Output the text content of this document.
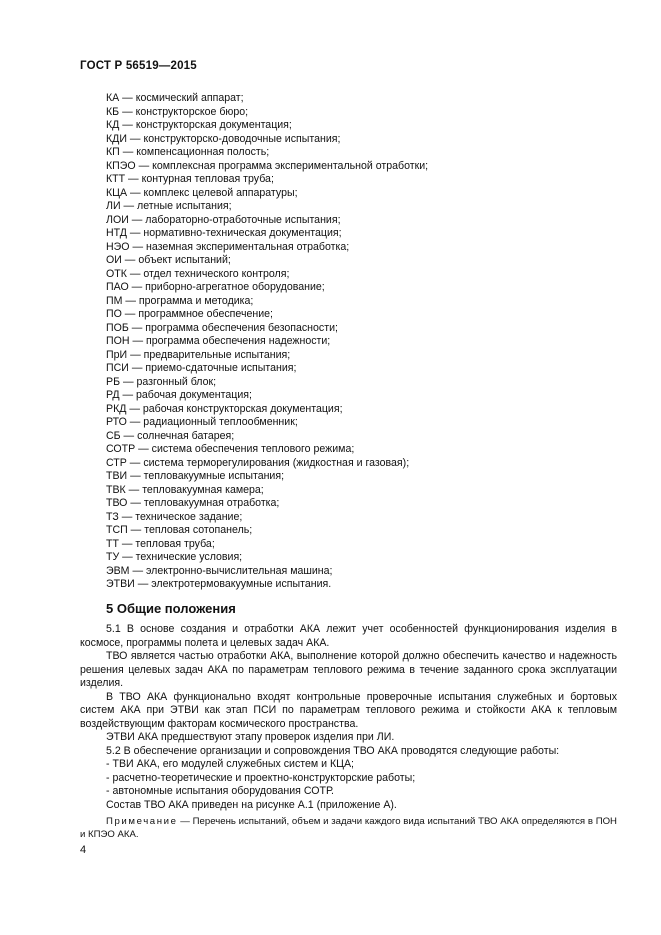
ГОСТ Р 56519—2015
КА — космический аппарат;
КБ — конструкторское бюро;
КД — конструкторская документация;
КДИ — конструкторско-доводочные испытания;
КП — компенсационная полость;
КПЭО — комплексная программа экспериментальной отработки;
КТТ — контурная тепловая труба;
КЦА — комплекс целевой аппаратуры;
ЛИ — летные испытания;
ЛОИ — лабораторно-отработочные испытания;
НТД — нормативно-техническая документация;
НЭО — наземная экспериментальная отработка;
ОИ — объект испытаний;
ОТК — отдел технического контроля;
ПАО — приборно-агрегатное оборудование;
ПМ — программа и методика;
ПО — программное обеспечение;
ПОБ — программа обеспечения безопасности;
ПОН — программа обеспечения надежности;
ПрИ — предварительные испытания;
ПСИ — приемо-сдаточные испытания;
РБ — разгонный блок;
РД — рабочая документация;
РКД — рабочая конструкторская документация;
РТО — радиационный теплообменник;
СБ — солнечная батарея;
СОТР — система обеспечения теплового режима;
СТР — система терморегулирования (жидкостная и газовая);
ТВИ — тепловакуумные испытания;
ТВК — тепловакуумная камера;
ТВО — тепловакуумная отработка;
ТЗ — техническое задание;
ТСП — тепловая сотопанель;
ТТ — тепловая труба;
ТУ — технические условия;
ЭВМ — электронно-вычислительная машина;
ЭТВИ — электротермовакуумные испытания.
5 Общие положения

5.1 В основе создания и отработки АКА лежит учет особенностей функционирования изделия в космосе, программы полета и целевых задач АКА.

ТВО является частью отработки АКА, выполнение которой должно обеспечить качество и надежность решения целевых задач АКА по параметрам теплового режима в течение заданного срока эксплуатации изделия.

В ТВО АКА функционально входят контрольные проверочные испытания служебных и бортовых систем АКА при ЭТВИ как этап ПСИ по параметрам теплового режима и стойкости АКА к тепловым воздействующим факторам космического пространства.

ЭТВИ АКА предшествуют этапу проверок изделия при ЛИ.

5.2 В обеспечение организации и сопровождения ТВО АКА проводятся следующие работы:

- ТВИ АКА, его модулей служебных систем и КЦА;

- расчетно-теоретические и проектно-конструкторские работы;

- автономные испытания оборудования СОТР.

Состав ТВО АКА приведен на рисунке А.1 (приложение А).

Примечание — Перечень испытаний, объем и задачи каждого вида испытаний ТВО АКА определяются в ПОН и КПЭО АКА.
4
